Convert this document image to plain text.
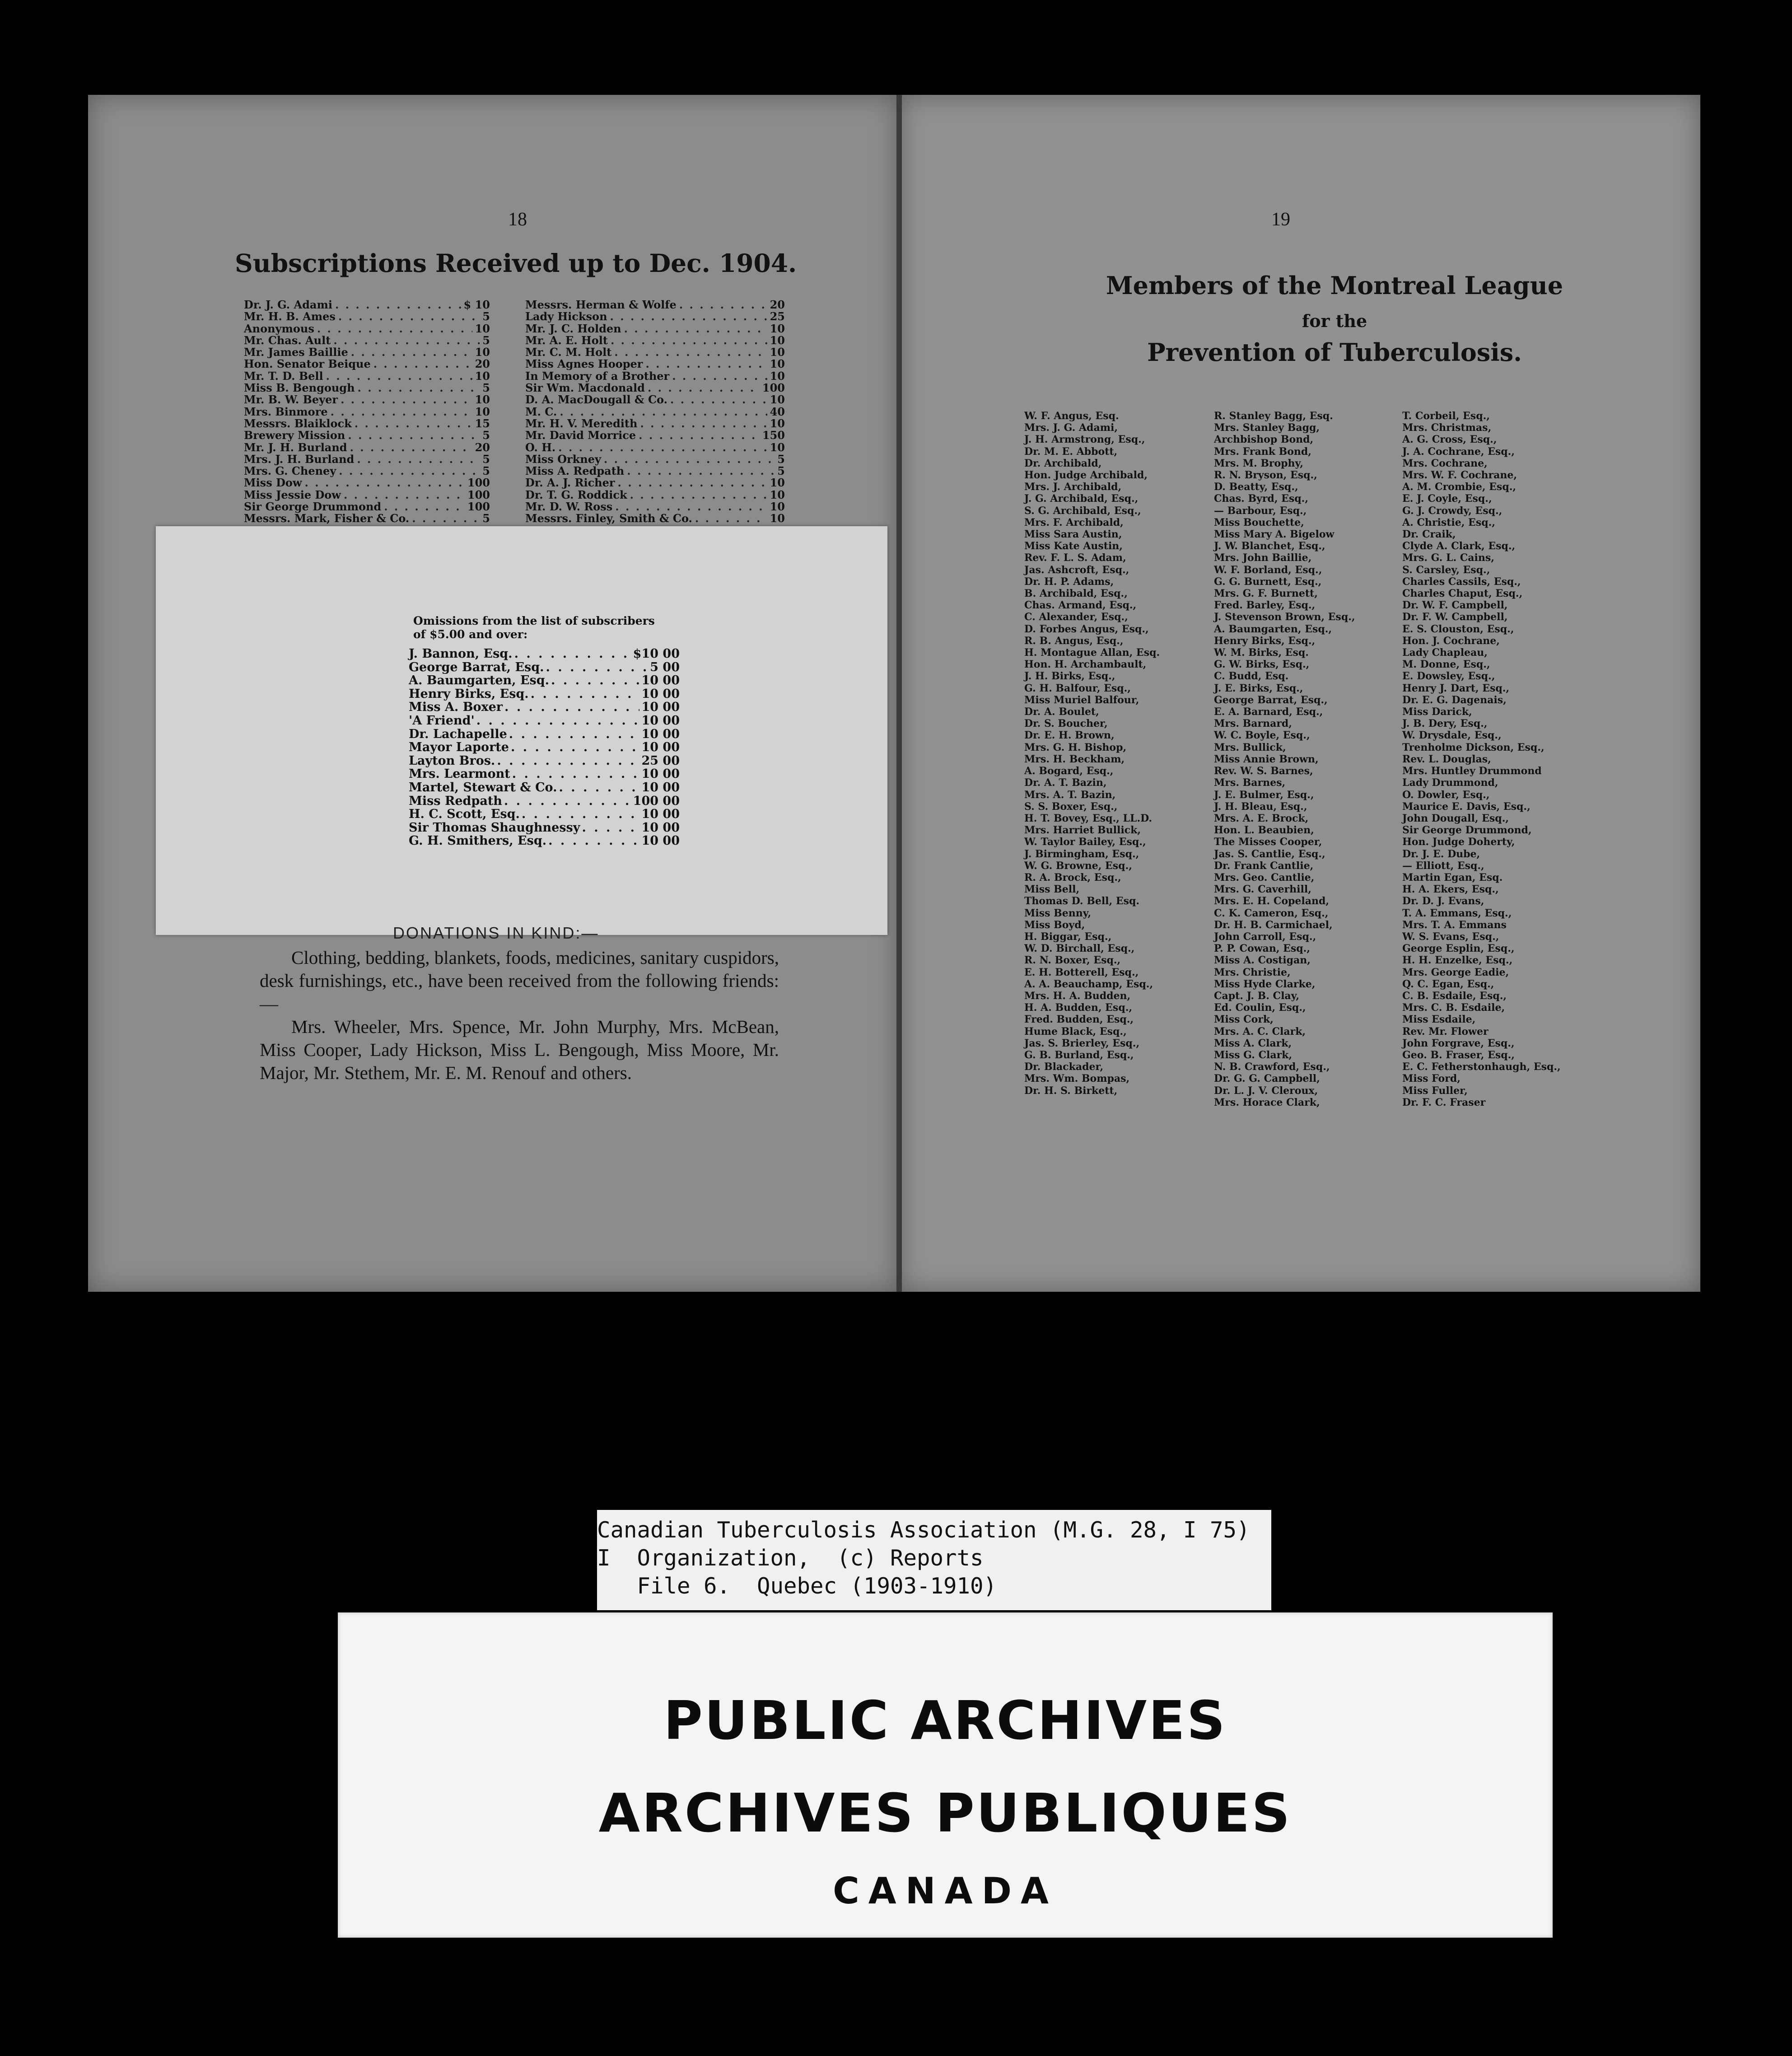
18
Subscriptions Received up to Dec. 1904.
Dr. J. G. Adami . . .	$ 10
Mr. H. B. Ames . . .	5
Anonymous . . .	10
Mr. Chas. Ault . . .	5
Mr. James Baillie . . .	10
Hon. Senator Beique . . .	20
Mr. T. D. Bell . . .	10
Miss B. Bengough . . .	5
Mr. B. W. Beyer . . .	10
Mrs. Binmore . . .	10
Messrs. Blaiklock . . .	15
Brewery Mission . . .	5
Mr. J. H. Burland . . .	20
Mrs. J. H. Burland . . .	5
Mrs. G. Cheney . . .	5
Miss Dow . . .	100
Miss Jessie Dow . . .	100
Sir George Drummond . . .	100
Messrs. Mark, Fisher & Co. . . .	5
Messrs. Herman & Wolfe . . .	20
Lady Hickson . . .	25
Mr. J. C. Holden . . .	10
Mr. A. E. Holt . . .	10
Mr. C. M. Holt . . .	10
Miss Agnes Hooper . . .	10
In Memory of a Brother . . .	10
Sir Wm. Macdonald . . .	100
D. A. MacDougall & Co. . . .	10
M. C. . . .	40
Mr. H. V. Meredith . . .	10
Mr. David Morrice . . .	150
O. H. . . .	10
Miss Orkney . . .	5
Miss A. Redpath . . .	5
Dr. A. J. Richer . . .	10
Dr. T. G. Roddick . . .	10
Mr. D. W. Ross . . .	10
Messrs. Finley, Smith & Co. . . .	10
Omissions from the list of subscribers
of $5.00 and over:
J. Bannon, Esq. . . .	$10 00
George Barrat, Esq. . . .	5 00
A. Baumgarten, Esq. . . .	10 00
Henry Birks, Esq. . . .	10 00
Miss A. Boxer . . .	10 00
'A Friend' . . .	10 00
Dr. Lachapelle . . .	10 00
Mayor Laporte . . .	10 00
Layton Bros. . . .	25 00
Mrs. Learmont . . .	10 00
Martel, Stewart & Co. . . .	10 00
Miss Redpath . . .	100 00
H. C. Scott, Esq. . . .	10 00
Sir Thomas Shaughnessy . . .	10 00
G. H. Smithers, Esq. . . .	10 00
DONATIONS IN KIND:—

Clothing, bedding, blankets, foods, medicines, sanitary cuspidors, desk furnishings, etc., have been received from the following friends:—

Mrs. Wheeler, Mrs. Spence, Mr. John Murphy, Mrs. McBean, Miss Cooper, Lady Hickson, Miss L. Bengough, Miss Moore, Mr. Major, Mr. Stethem, Mr. E. M. Renouf and others.

19
Members of the Montreal League
for the
Prevention of Tuberculosis.
W. F. Angus, Esq.
Mrs. J. G. Adami,
J. H. Armstrong, Esq.,
Dr. M. E. Abbott,
Dr. Archibald,
Hon. Judge Archibald,
Mrs. J. Archibald,
J. G. Archibald, Esq.,
S. G. Archibald, Esq.,
Mrs. F. Archibald,
Miss Sara Austin,
Miss Kate Austin,
Rev. F. L. S. Adam,
Jas. Ashcroft, Esq.,
Dr. H. P. Adams,
B. Archibald, Esq.,
Chas. Armand, Esq.,
C. Alexander, Esq.,
D. Forbes Angus, Esq.,
R. B. Angus, Esq.,
H. Montague Allan, Esq.
Hon. H. Archambault,
J. H. Birks, Esq.,
G. H. Balfour, Esq.,
Miss Muriel Balfour,
Dr. A. Boulet,
Dr. S. Boucher,
Dr. E. H. Brown,
Mrs. G. H. Bishop,
Mrs. H. Beckham,
A. Bogard, Esq.,
Dr. A. T. Bazin,
Mrs. A. T. Bazin,
S. S. Boxer, Esq.,
H. T. Bovey, Esq., LL.D.
Mrs. Harriet Bullick,
W. Taylor Bailey, Esq.,
J. Birmingham, Esq.,
W. G. Browne, Esq.,
R. A. Brock, Esq.,
Miss Bell,
Thomas D. Bell, Esq.
Miss Benny,
Miss Boyd,
H. Biggar, Esq.,
W. D. Birchall, Esq.,
R. N. Boxer, Esq.,
E. H. Botterell, Esq.,
A. A. Beauchamp, Esq.,
Mrs. H. A. Budden,
H. A. Budden, Esq.,
Fred. Budden, Esq.,
Hume Black, Esq.,
Jas. S. Brierley, Esq.,
G. B. Burland, Esq.,
Dr. Blackader,
Mrs. Wm. Bompas,
Dr. H. S. Birkett,
R. Stanley Bagg, Esq.
Mrs. Stanley Bagg,
Archbishop Bond,
Mrs. Frank Bond,
Mrs. M. Brophy,
R. N. Bryson, Esq.,
D. Beatty, Esq.,
Chas. Byrd, Esq.,
— Barbour, Esq.,
Miss Bouchette,
Miss Mary A. Bigelow
J. W. Blanchet, Esq.,
Mrs. John Baillie,
W. F. Borland, Esq.,
G. G. Burnett, Esq.,
Mrs. G. F. Burnett,
Fred. Barley, Esq.,
J. Stevenson Brown, Esq.,
A. Baumgarten, Esq.,
Henry Birks, Esq.,
W. M. Birks, Esq.
G. W. Birks, Esq.,
C. Budd, Esq.
J. E. Birks, Esq.,
George Barrat, Esq.,
E. A. Barnard, Esq.,
Mrs. Barnard,
W. C. Boyle, Esq.,
Mrs. Bullick,
Miss Annie Brown,
Rev. W. S. Barnes,
Mrs. Barnes,
J. E. Bulmer, Esq.,
J. H. Bleau, Esq.,
Mrs. A. E. Brock,
Hon. L. Beaubien,
The Misses Cooper,
Jas. S. Cantlie, Esq.,
Dr. Frank Cantlie,
Mrs. Geo. Cantlie,
Mrs. G. Caverhill,
Mrs. E. H. Copeland,
C. K. Cameron, Esq.,
Dr. H. B. Carmichael,
John Carroll, Esq.,
P. P. Cowan, Esq.,
Miss A. Costigan,
Mrs. Christie,
Miss Hyde Clarke,
Capt. J. B. Clay,
Ed. Coulin, Esq.,
Miss Cork,
Mrs. A. C. Clark,
Miss A. Clark,
Miss G. Clark,
N. B. Crawford, Esq.,
Dr. G. G. Campbell,
Dr. L. J. V. Cleroux,
Mrs. Horace Clark,
T. Corbeil, Esq.,
Mrs. Christmas,
A. G. Cross, Esq.,
J. A. Cochrane, Esq.,
Mrs. Cochrane,
Mrs. W. F. Cochrane,
A. M. Crombie, Esq.,
E. J. Coyle, Esq.,
G. J. Crowdy, Esq.,
A. Christie, Esq.,
Dr. Craik,
Clyde A. Clark, Esq.,
Mrs. G. L. Cains,
S. Carsley, Esq.,
Charles Cassils, Esq.,
Charles Chaput, Esq.,
Dr. W. F. Campbell,
Dr. F. W. Campbell,
E. S. Clouston, Esq.,
Hon. J. Cochrane,
Lady Chapleau,
M. Donne, Esq.,
E. Dowsley, Esq.,
Henry J. Dart, Esq.,
Dr. E. G. Dagenais,
Miss Darick,
J. B. Dery, Esq.,
W. Drysdale, Esq.,
Trenholme Dickson, Esq.,
Rev. L. Douglas,
Mrs. Huntley Drummond
Lady Drummond,
O. Dowler, Esq.,
Maurice E. Davis, Esq.,
John Dougall, Esq.,
Sir George Drummond,
Hon. Judge Doherty,
Dr. J. E. Dube,
— Elliott, Esq.,
Martin Egan, Esq.
H. A. Ekers, Esq.,
Dr. D. J. Evans,
T. A. Emmans, Esq.,
Mrs. T. A. Emmans
W. S. Evans, Esq.,
George Esplin, Esq.,
H. H. Enzelke, Esq.,
Mrs. George Eadie,
Q. C. Egan, Esq.,
C. B. Esdaile, Esq.,
Mrs. C. B. Esdaile,
Miss Esdaile,
Rev. Mr. Flower
John Forgrave, Esq.,
Geo. B. Fraser, Esq.,
E. C. Fetherstonhaugh, Esq.,
Miss Ford,
Miss Fuller,
Dr. F. C. Fraser
Canadian Tuberculosis Association (M.G. 28, I 75)
I  Organization,  (c) Reports
File 6.  Quebec (1903-1910)
PUBLIC ARCHIVES
ARCHIVES PUBLIQUES
CANADA
